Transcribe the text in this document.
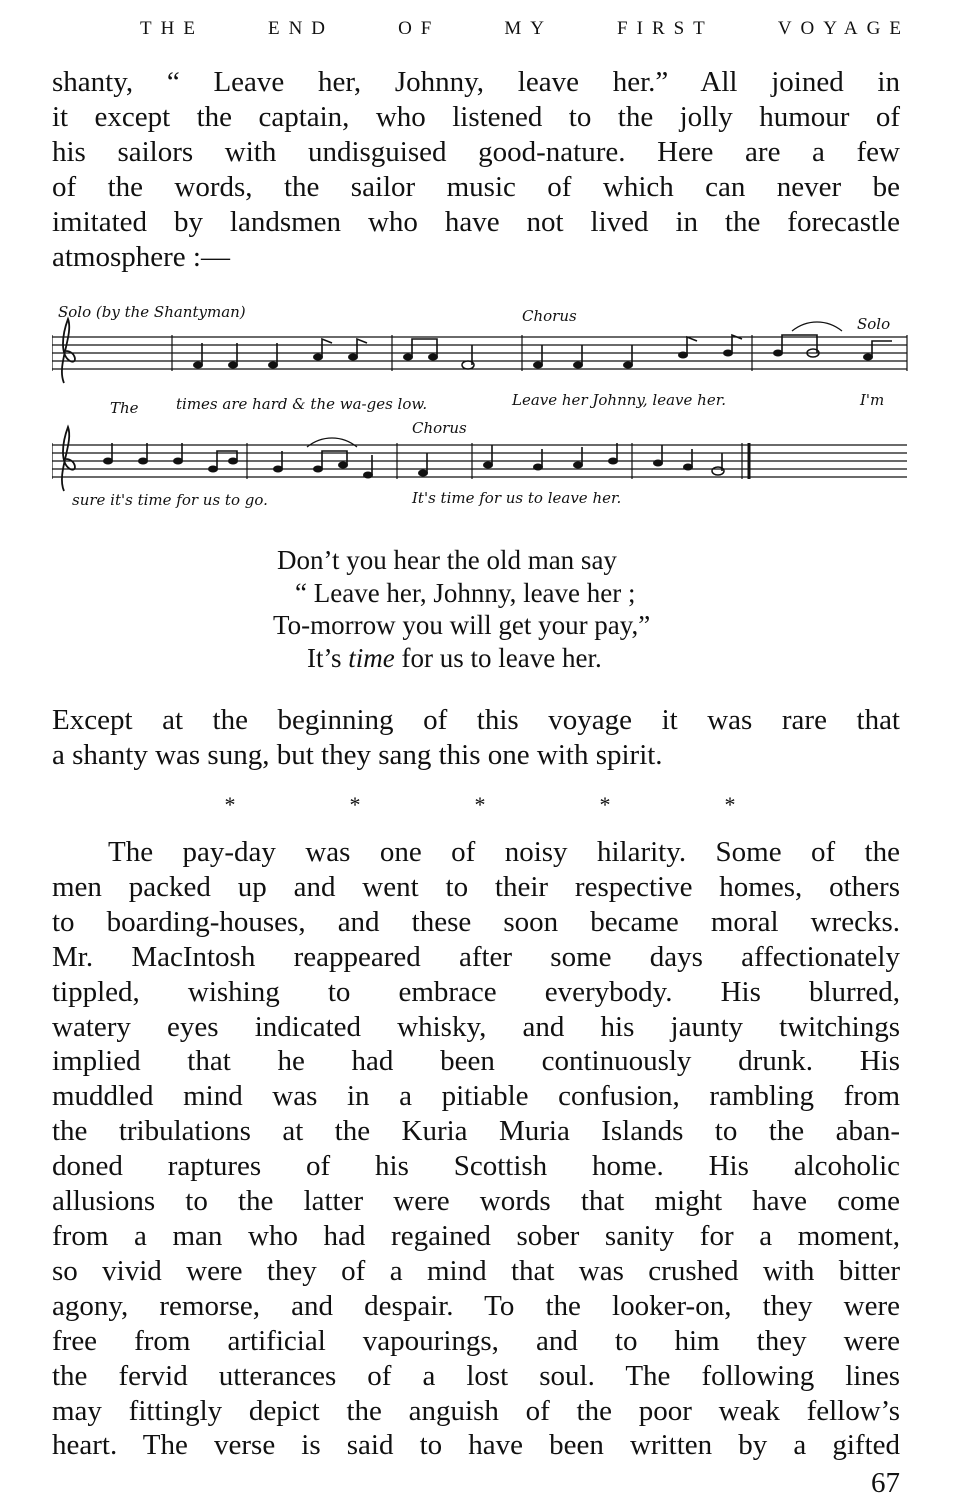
THE	END	OF	MY	FIRST	VOYAGE
shanty, “ Leave her, Johnny, leave her.” All joined in
it except the captain, who listened to the jolly humour of
his sailors with undisguised good-nature. Here are a few
of the words, the sailor music of which can never be
imitated by landsmen who have not lived in the forecastle
atmosphere :—
Solo (by the Shantyman)	Chorus	Solo
The times are hard & the wa-ges low.	Leave her Johnny, leave her.	I'm
Chorus
sure it's time for us to go.	It's time for us to leave her.
Don’t you hear the old man say
“ Leave her, Johnny, leave her ;
To-morrow you will get your pay,”
It’s time for us to leave her.
Except at the beginning of this voyage it was rare that
a shanty was sung, but they sang this one with spirit.
*	*	*	*	*
The pay-day was one of noisy hilarity. Some of the
men packed up and went to their respective homes, others
to boarding-houses, and these soon became moral wrecks.
Mr. MacIntosh reappeared after some days affectionately
tippled, wishing to embrace everybody. His blurred,
watery eyes indicated whisky, and his jaunty twitchings
implied that he had been continuously drunk. His
muddled mind was in a pitiable confusion, rambling from
the tribulations at the Kuria Muria Islands to the aban-
doned raptures of his Scottish home. His alcoholic
allusions to the latter were words that might have come
from a man who had regained sober sanity for a moment,
so vivid were they of a mind that was crushed with bitter
agony, remorse, and despair. To the looker-on, they were
free from artificial vapourings, and to him they were
the fervid utterances of a lost soul. The following lines
may fittingly depict the anguish of the poor weak fellow’s
heart. The verse is said to have been written by a gifted
67
